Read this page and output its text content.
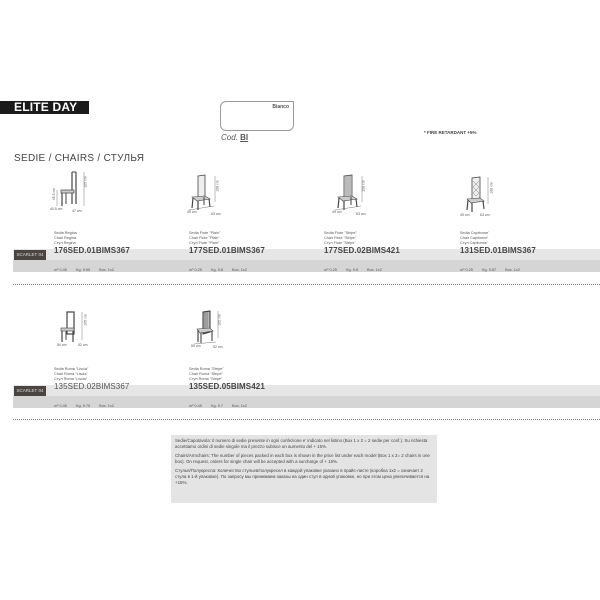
ELITE DAY	Bianco
Cod. BI
* FIRE RETARDANT +5%
SEDIE / CHAIRS / СТУЛЬЯ
SCARLET 04
105 cm
45.5 cm
40.5 cm	47 cm
Sedia Regina
Chair Regina
Стул Regina
176SED.01BIMS367
m³ 0.45 Kg. 9.65 Box. 1x2
108 cm
49 cm	63 cm
Sedia Flute "Plain"
Chair Flute "Plain"
Стул Flute "Plain"
177SED.01BIMS367
m³ 0.25 Kg. 9.8 Box. 1x2
108 cm
49 cm	63 cm
Sedia Flute "Stripe"
Chair Flute "Stripe"
Стул Flute "Stripe"
177SED.02BIMS421
m³ 0.25 Kg. 9.8 Box. 1x2
108 cm
49 cm	63 cm
Sedia Capitonne'
Chair Capitonne'
Стул Capitonne'
131SED.01BIMS367
m³ 0.25 Kg. 9.87 Box. 1x2
SCARLET 04
105 cm
50 cm	52 cm
Sedia Roma "Liscia"
Chair Roma "Liscia"
Стул Roma "Liscia"
135SED.02BIMS367
m³ 0.45 Kg. 9.75 Box. 1x2
105 cm
50 cm	52 cm
Sedia Roma "Stripe"
Chair Roma "Stripe"
Стул Roma "Stripe"
135SED.05BIMS421
m³ 0.45 Kg. 9.7 Box. 1x2

Sedie/Capotavola: Il numero di sedie presente in ogni confezione e' indicato nel listino (Box 1 x 2 = 2 sedie per conf.). Su richiesta accettiamo ordini di sedie singole ma il prezzo subisce un aumento del + 15%.

Chairs/Armchairs: The number of pieces packed in each box is shown in the price list under each model (Box 1 x 2= 2 chairs in one box). On request, orders for single chair will be accepted with a surcharge of + 15%.

Стулья/Полукресла: Количество стульев/полукресел в каждой упаковке указано в прайс-листе (коробка 1x2 = означает 2 стула в 1-й упаковке). По запросу мы принимаем заказы на один стул в одной упаковке, но при этом цена увеличивается на +15%.
